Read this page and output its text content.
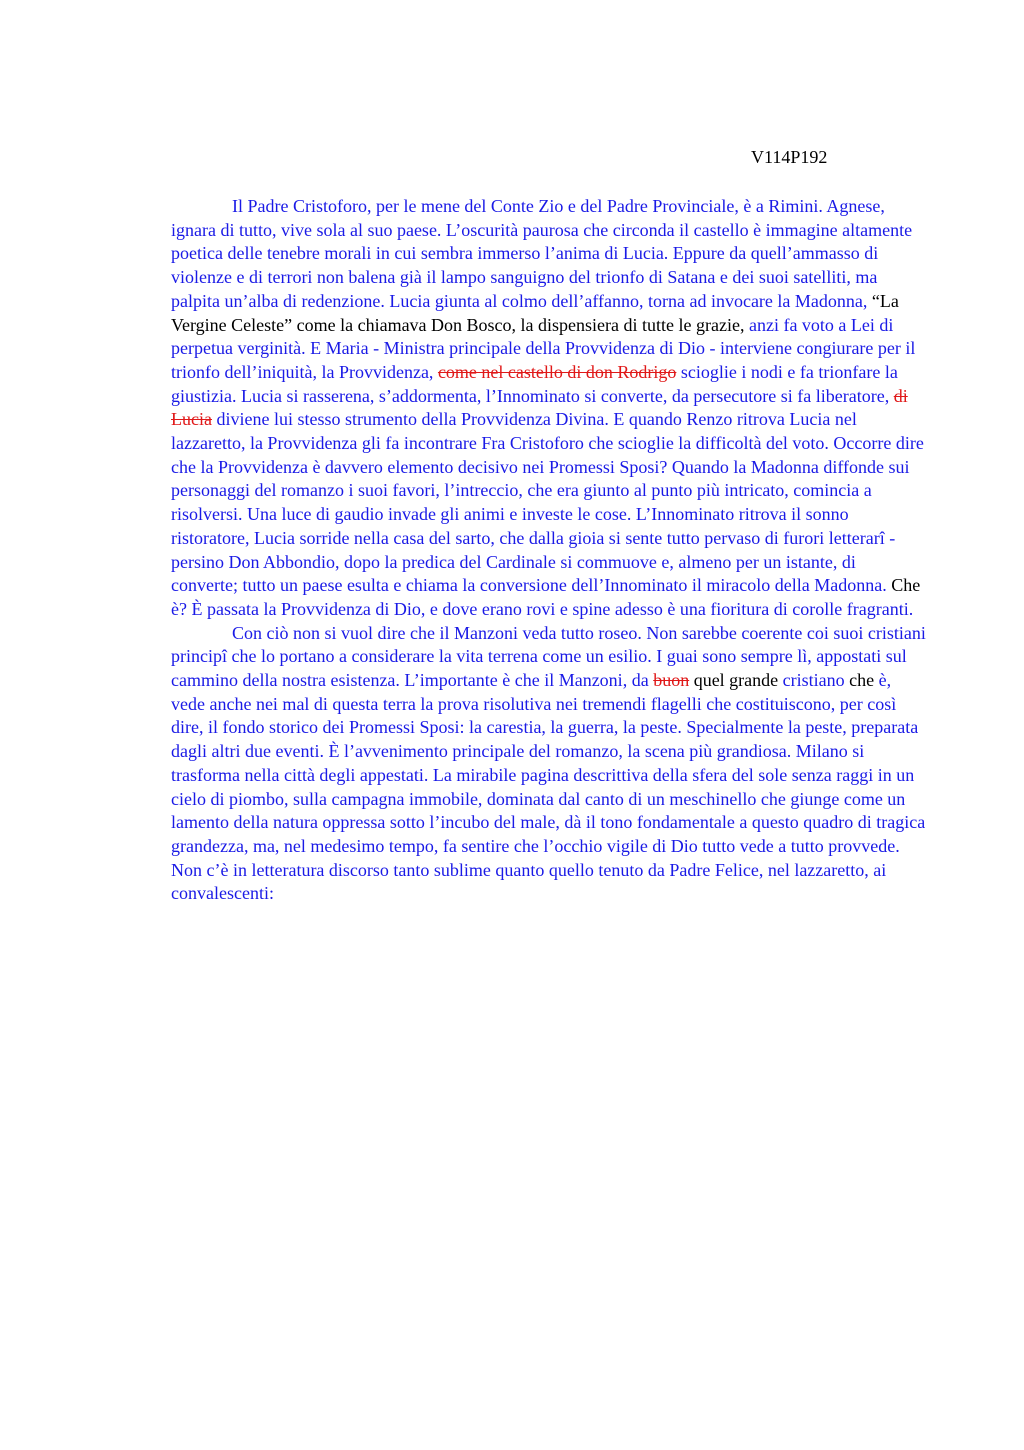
V114P192

Il Padre Cristoforo, per le mene del Conte Zio e del Padre Provinciale, è a Rimini. Agnese, ignara di tutto, vive sola al suo paese. L’oscurità paurosa che circonda il castello è immagine altamente poetica delle tenebre morali in cui sembra immerso l’anima di Lucia. Eppure da quell’ammasso di violenze e di terrori non balena già il lampo sanguigno del trionfo di Satana e dei suoi satelliti, ma palpita un’alba di redenzione. Lucia giunta al colmo dell’affanno, torna ad invocare la Madonna, “La Vergine Celeste” come la chiamava Don Bosco, la dispensiera di tutte le grazie, anzi fa voto a Lei di perpetua verginità. E Maria - Ministra principale della Provvidenza di Dio - interviene congiurare per il trionfo dell’iniquità, la Provvidenza, come nel castello di don Rodrigo scioglie i nodi e fa trionfare la giustizia. Lucia si rasserena, s’addormenta, l’Innominato si converte, da persecutore si fa liberatore, di Lucia diviene lui stesso strumento della Provvidenza Divina. E quando Renzo ritrova Lucia nel lazzaretto, la Provvidenza gli fa incontrare Fra Cristoforo che scioglie la difficoltà del voto. Occorre dire che la Provvidenza è davvero elemento decisivo nei Promessi Sposi? Quando la Madonna diffonde sui personaggi del romanzo i suoi favori, l’intreccio, che era giunto al punto più intricato, comincia a risolversi. Una luce di gaudio invade gli animi e investe le cose. L’Innominato ritrova il sonno ristoratore, Lucia sorride nella casa del sarto, che dalla gioia si sente tutto pervaso di furori letterarî - persino Don Abbondio, dopo la predica del Cardinale si commuove e, almeno per un istante, di converte; tutto un paese esulta e chiama la conversione dell’Innominato il miracolo della Madonna. Che è? È passata la Provvidenza di Dio, e dove erano rovi e spine adesso è una fioritura di corolle fragranti.

Con ciò non si vuol dire che il Manzoni veda tutto roseo. Non sarebbe coerente coi suoi cristiani principî che lo portano a considerare la vita terrena come un esilio. I guai sono sempre lì, appostati sul cammino della nostra esistenza. L’importante è che il Manzoni, da buon quel grande cristiano che è, vede anche nei mal di questa terra la prova risolutiva nei tremendi flagelli che costituiscono, per così dire, il fondo storico dei Promessi Sposi: la carestia, la guerra, la peste. Specialmente la peste, preparata dagli altri due eventi. È l’avvenimento principale del romanzo, la scena più grandiosa. Milano si trasforma nella città degli appestati. La mirabile pagina descrittiva della sfera del sole senza raggi in un cielo di piombo, sulla campagna immobile, dominata dal canto di un meschinello che giunge come un lamento della natura oppressa sotto l’incubo del male, dà il tono fondamentale a questo quadro di tragica grandezza, ma, nel medesimo tempo, fa sentire che l’occhio vigile di Dio tutto vede a tutto provvede. Non c’è in letteratura discorso tanto sublime quanto quello tenuto da Padre Felice, nel lazzaretto, ai convalescenti:
